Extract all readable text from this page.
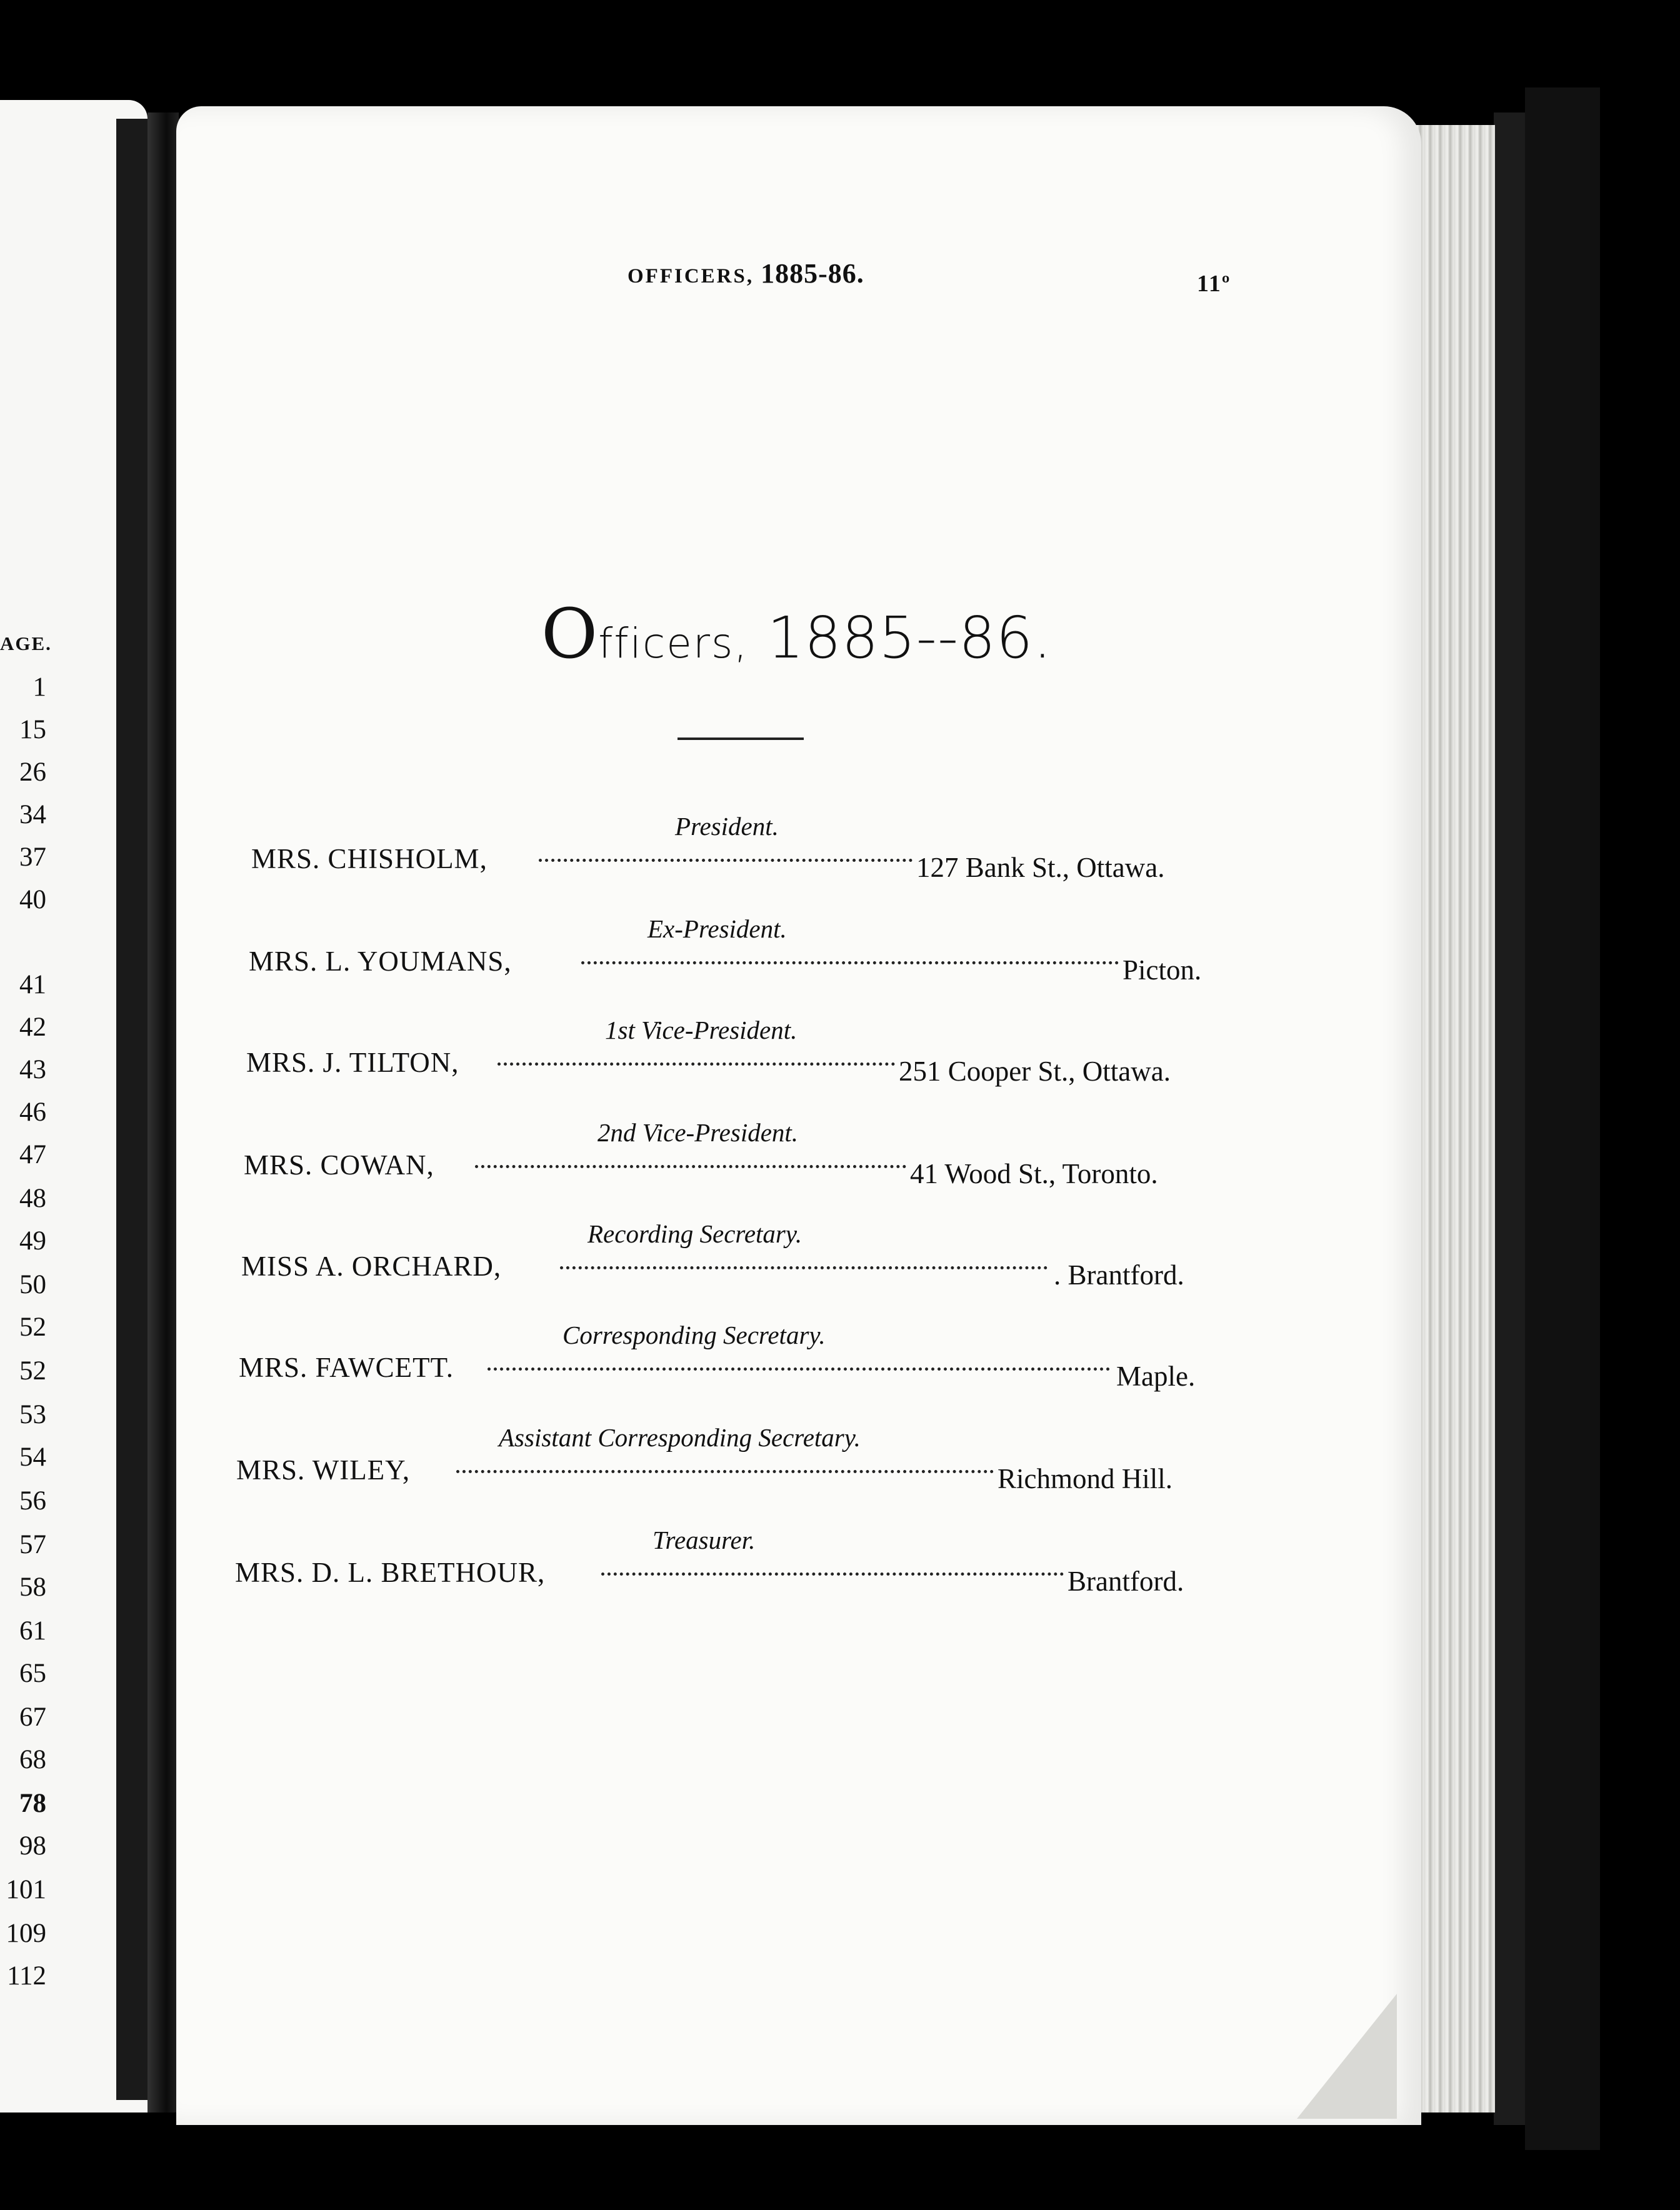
AGE.
1
15
26
34
37
40
41
42
43
46
47
48
49
50
52
52
53
54
56
57
58
61
65
67
68
78
98
101
109
112
OFFICERS, 1885-86.	11º
Officers, 1885--86.
President.
MRS. CHISHOLM,	127 Bank St., Ottawa.
Ex-President.
MRS. L. YOUMANS,	Picton.
1st Vice-President.
MRS. J. TILTON,	251 Cooper St., Ottawa.
2nd Vice-President.
MRS. COWAN,	41 Wood St., Toronto.
Recording Secretary.
MISS A. ORCHARD,	. Brantford.
Corresponding Secretary.
MRS. FAWCETT.	Maple.
Assistant Corresponding Secretary.
MRS. WILEY,	Richmond Hill.
Treasurer.
MRS. D. L. BRETHOUR,	Brantford.
